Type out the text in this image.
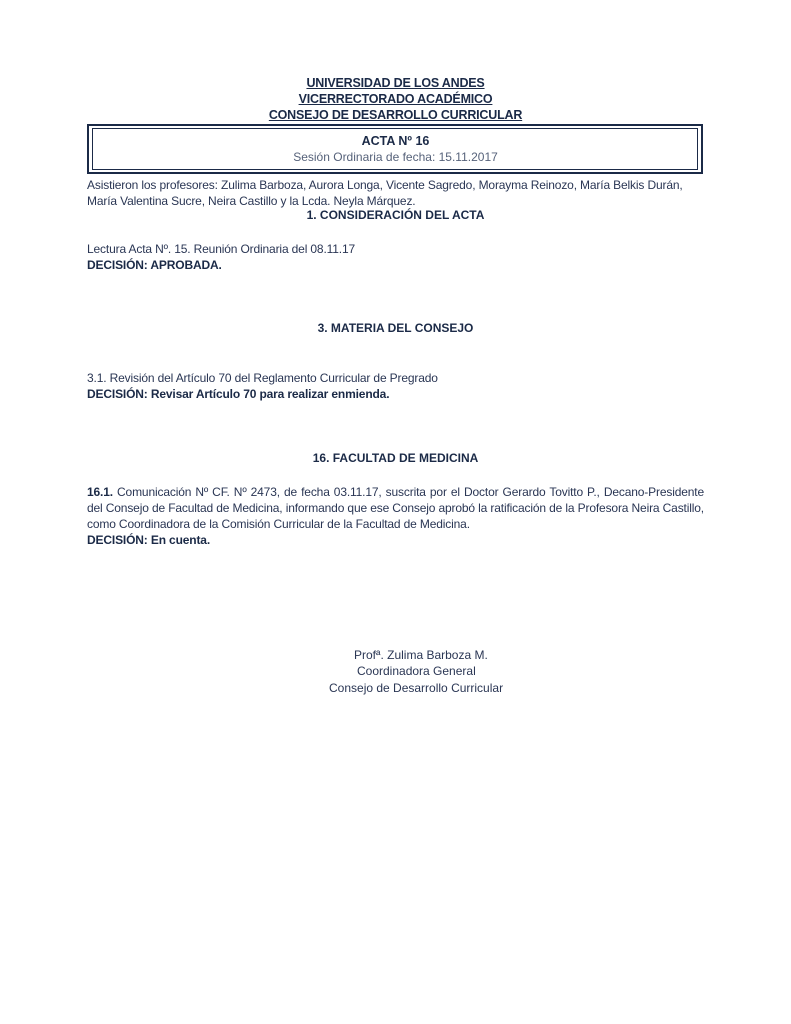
UNIVERSIDAD DE LOS ANDES
VICERRECTORADO ACADÉMICO
CONSEJO DE DESARROLLO CURRICULAR
ACTA Nº 16
Sesión Ordinaria de fecha: 15.11.2017
Asistieron los profesores: Zulima Barboza, Aurora Longa, Vicente Sagredo, Morayma Reinozo, María Belkis Durán,
María Valentina Sucre, Neira Castillo y la Lcda. Neyla Márquez.
1. CONSIDERACIÓN DEL ACTA
Lectura Acta Nº. 15. Reunión Ordinaria del 08.11.17
DECISIÓN: APROBADA.
3. MATERIA DEL CONSEJO
3.1. Revisión del Artículo 70 del Reglamento Curricular de Pregrado
DECISIÓN: Revisar Artículo 70 para realizar enmienda.
16. FACULTAD DE MEDICINA
16.1. Comunicación Nº CF. Nº 2473, de fecha 03.11.17, suscrita por el Doctor Gerardo Tovitto P., Decano-Presidente del Consejo de Facultad de Medicina, informando que ese Consejo aprobó la ratificación de la Profesora Neira Castillo, como Coordinadora de la Comisión Curricular de la Facultad de Medicina.
DECISIÓN: En cuenta.
Profª. Zulima Barboza M.
Coordinadora General
Consejo de Desarrollo Curricular
